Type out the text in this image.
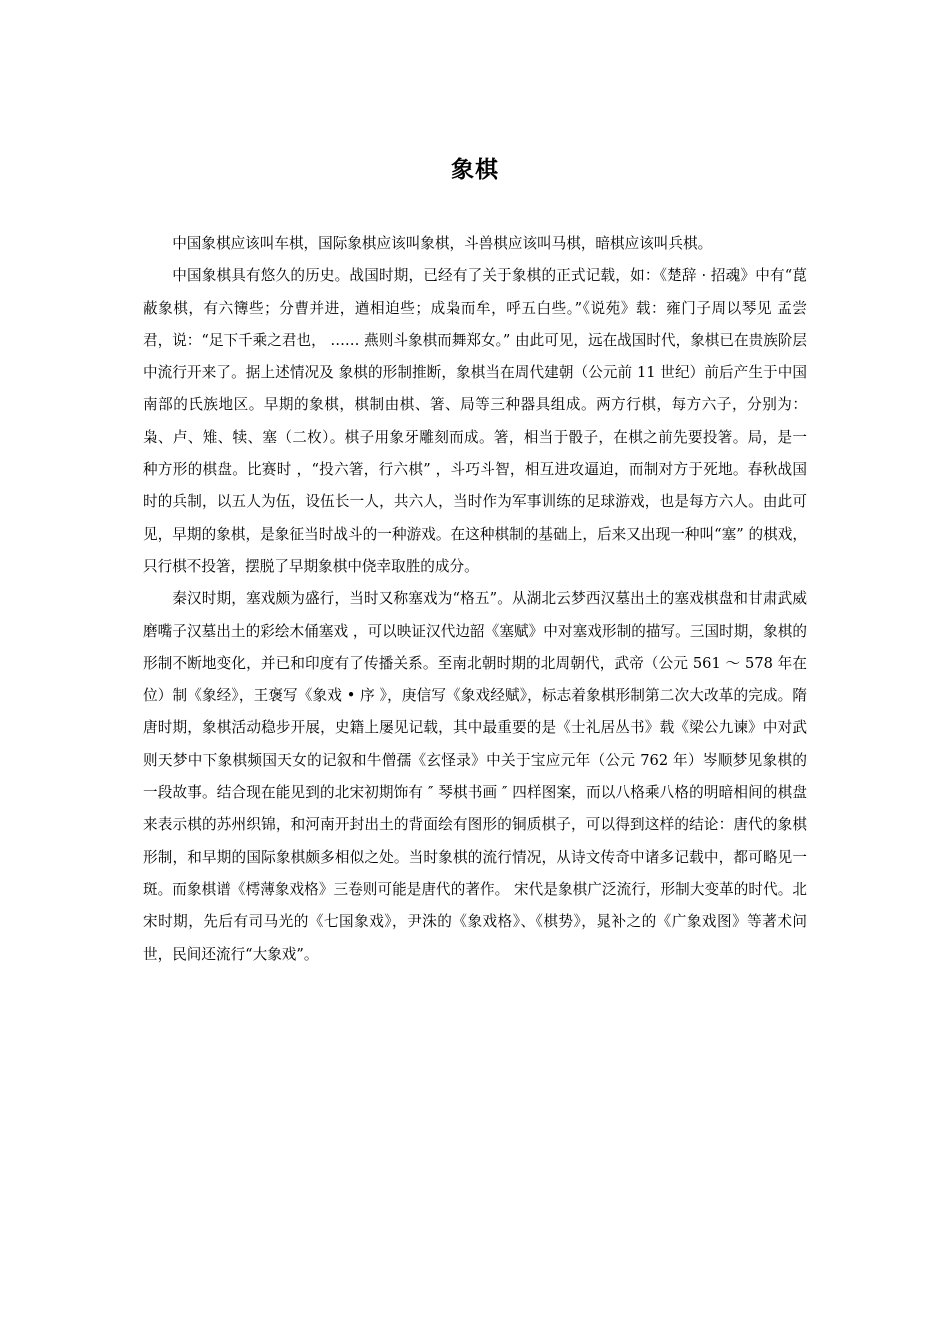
象棋

中国象棋应该叫车棋，国际象棋应该叫象棋，斗兽棋应该叫马棋，暗棋应该叫兵棋。

中国象棋具有悠久的历史。战国时期，已经有了关于象棋的正式记载，如：《楚辞 · 招魂》中有“菎蔽象棋，有六簙些；分曹并进，遒相迫些；成枭而牟，呼五白些。”《说苑》载：雍门子周以琴见 孟尝 君，说：“足下千乘之君也， …… 燕则斗象棋而舞郑女。” 由此可见，远在战国时代，象棋已在贵族阶层中流行开来了。据上述情况及 象棋的形制推断，象棋当在周代建朝（公元前 11 世纪）前后产生于中国南部的氏族地区。早期的象棋，棋制由棋、箸、局等三种器具组成。两方行棋，每方六子，分别为：枭、卢、雉、犊、塞（二枚）。棋子用象牙雕刻而成。箸，相当于骰子，在棋之前先要投箸。局，是一种方形的棋盘。比赛时 ，“投六箸，行六棋” ，斗巧斗智，相互进攻逼迫，而制对方于死地。春秋战国时的兵制，以五人为伍，设伍长一人，共六人，当时作为军事训练的足球游戏，也是每方六人。由此可见，早期的象棋，是象征当时战斗的一种游戏。在这种棋制的基础上，后来又出现一种叫“塞” 的棋戏，只行棋不投箸，摆脱了早期象棋中侥幸取胜的成分。

秦汉时期，塞戏颇为盛行，当时又称塞戏为“格五”。从湖北云梦西汉墓出土的塞戏棋盘和甘肃武威磨嘴子汉墓出土的彩绘木俑塞戏 ，可以映证汉代边韶《塞赋》中对塞戏形制的描写。三国时期，象棋的形制不断地变化，并已和印度有了传播关系。至南北朝时期的北周朝代，武帝（公元 561 ～ 578 年在位）制《象经》，王褒写《象戏 • 序 》，庚信写《象戏经赋》，标志着象棋形制第二次大改革的完成。隋唐时期，象棋活动稳步开展，史籍上屡见记载，其中最重要的是《士礼居丛书》载《梁公九谏》中对武则天梦中下象棋频国天女的记叙和牛僧孺《玄怪录》中关于宝应元年（公元 762 年）岑顺梦见象棋的一段故事。结合现在能见到的北宋初期饰有 ″ 琴棋书画 ″ 四样图案，而以八格乘八格的明暗相间的棋盘来表示棋的苏州织锦，和河南开封出土的背面绘有图形的铜质棋子，可以得到这样的结论：唐代的象棋形制，和早期的国际象棋颇多相似之处。当时象棋的流行情况，从诗文传奇中诸多记载中，都可略见一斑。而象棋谱《樗薄象戏格》三卷则可能是唐代的著作。 宋代是象棋广泛流行，形制大变革的时代。北宋时期，先后有司马光的《七国象戏》，尹洙的《象戏格》、《棋势》，晁补之的《广象戏图》等著术问世，民间还流行“大象戏”。
